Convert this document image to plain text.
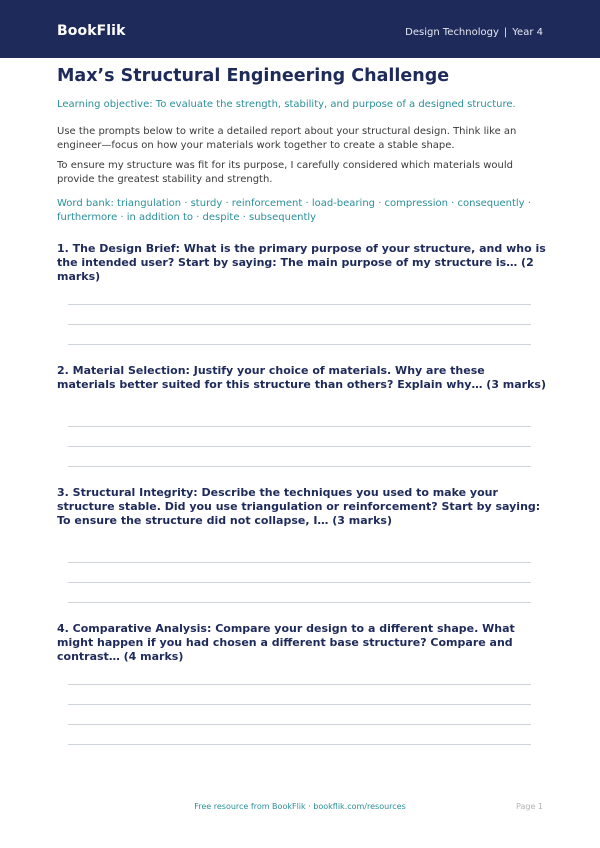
BookFlik	Design Technology | Year 4
Max’s Structural Engineering Challenge
Learning objective: To evaluate the strength, stability, and purpose of a designed structure.
Use the prompts below to write a detailed report about your structural design. Think like an engineer—focus on how your materials work together to create a stable shape.
To ensure my structure was fit for its purpose, I carefully considered which materials would provide the greatest stability and strength.
Word bank: triangulation · sturdy · reinforcement · load-bearing · compression · consequently · furthermore · in addition to · despite · subsequently
1. The Design Brief: What is the primary purpose of your structure, and who is the intended user? Start by saying: The main purpose of my structure is… (2 marks)
2. Material Selection: Justify your choice of materials. Why are these materials better suited for this structure than others? Explain why… (3 marks)
3. Structural Integrity: Describe the techniques you used to make your structure stable. Did you use triangulation or reinforcement? Start by saying: To ensure the structure did not collapse, I… (3 marks)
4. Comparative Analysis: Compare your design to a different shape. What might happen if you had chosen a different base structure? Compare and contrast… (4 marks)
Free resource from BookFlik · bookflik.com/resources	Page 1
